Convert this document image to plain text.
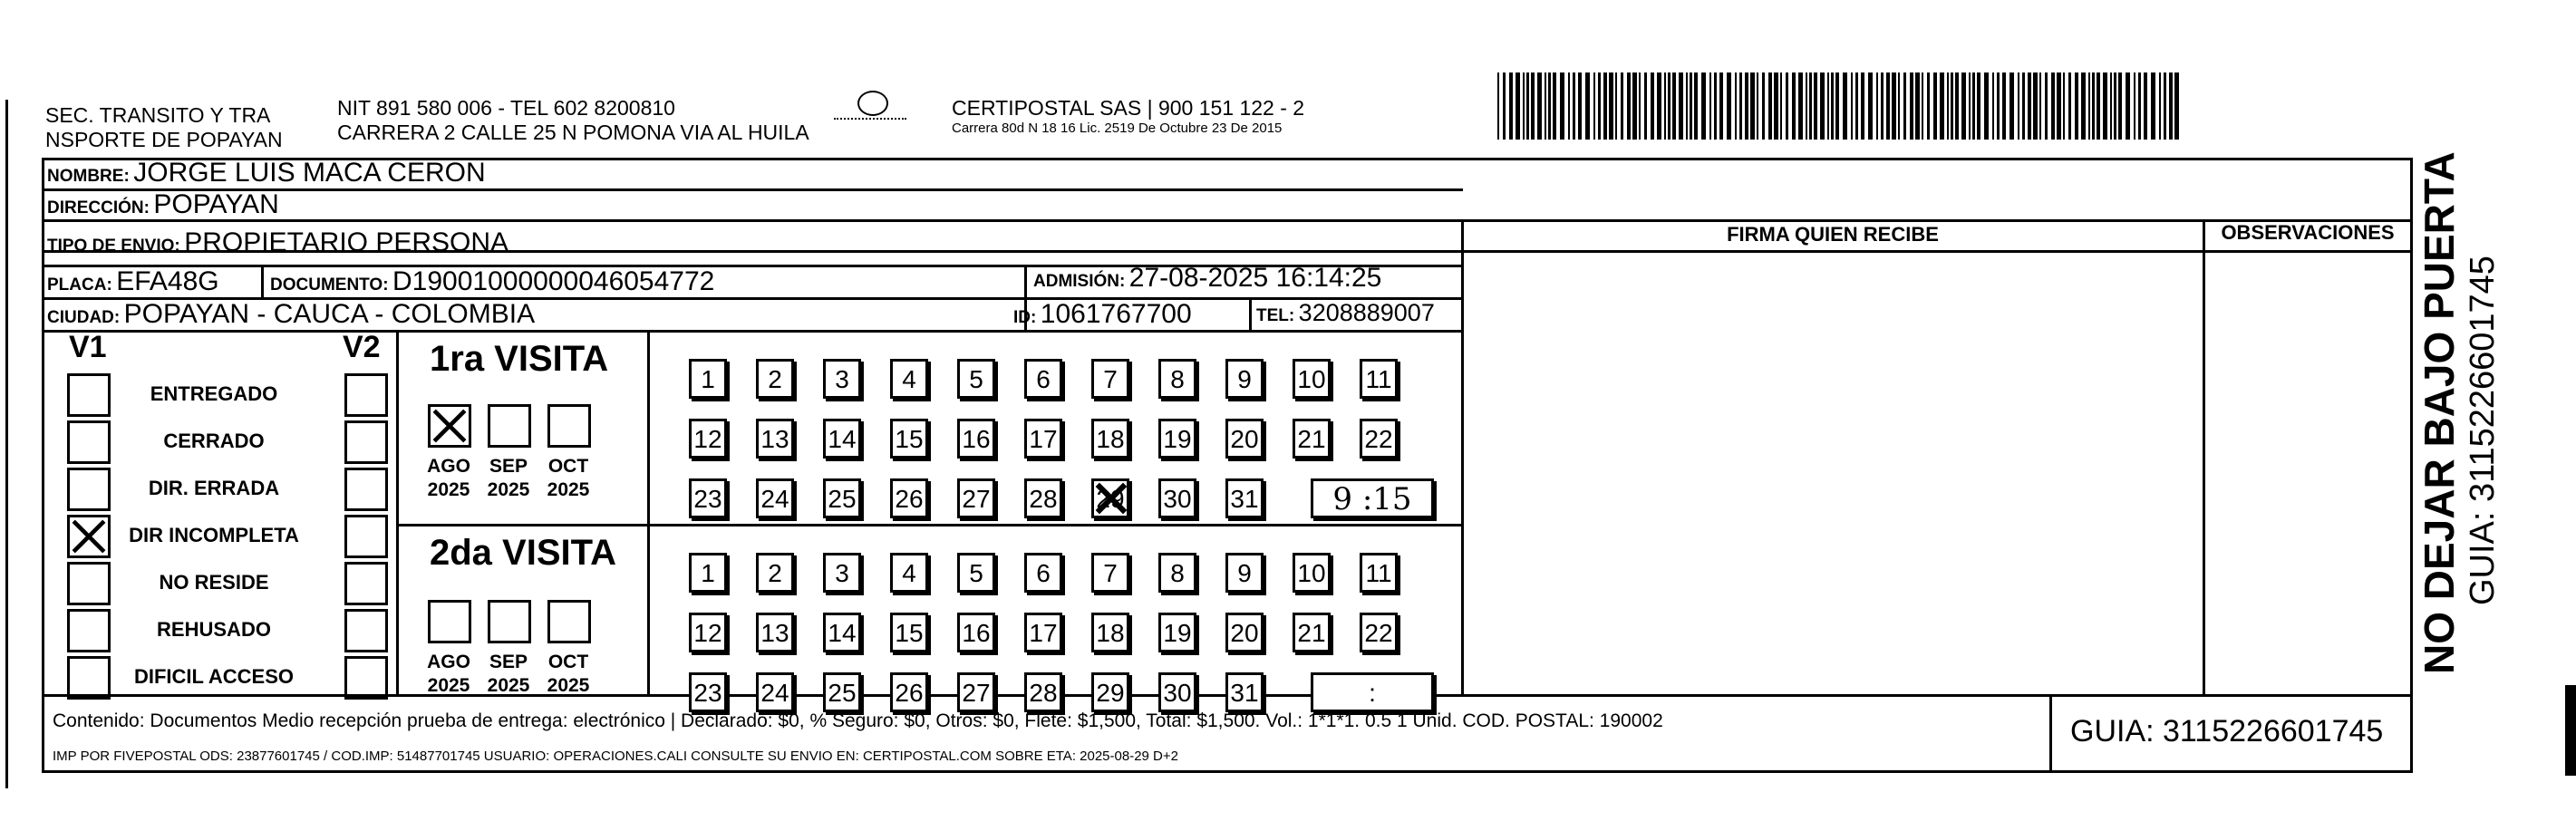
SEC. TRANSITO Y TRA
NSPORTE DE POPAYAN
NIT 891 580 006 - TEL 602 8200810
CARRERA 2 CALLE 25 N POMONA VIA AL HUILA
CERTIPOSTAL SAS | 900 151 122 - 2
Carrera 80d N 18 16 Lic. 2519 De Octubre 23 De 2015
NOMBRE: JORGE LUIS MACA CERON
DIRECCIÓN: POPAYAN
TIPO DE ENVIO: PROPIETARIO PERSONA
PLACA: EFA48G	DOCUMENTO: D19001000000046054772	ADMISIÓN: 27-08-2025 16:14:25
CIUDAD: POPAYAN - CAUCA - COLOMBIA	ID: 1061767700	TEL: 3208889007
FIRMA QUIEN RECIBE	OBSERVACIONES
V1	V2
ENTREGADO
CERRADO
DIR. ERRADA
DIR INCOMPLETA
NO RESIDE
REHUSADO
DIFICIL ACCESO
1ra VISITA
2da VISITA
AGO
2025
SEP
2025
OCT
2025
1	2	3	4	5	6	7	8	9	10 11
12 13 14 15 16 17 18 19 20 21 22
23 24 25 26 27 28 29 30 31	9 :15
AGO
2025
SEP
2025
OCT
2025
1	2	3	4	5	6	7	8	9	10 11
12 13 14 15 16 17 18 19 20 21 22
23 24 25 26 27 28 29 30 31	:
Contenido: Documentos Medio recepción prueba de entrega: electrónico | Declarado: $0, % Seguro: $0, Otros: $0, Flete: $1,500, Total: $1,500. Vol.: 1*1*1. 0.5 1 Unid. COD. POSTAL: 190002
IMP POR FIVEPOSTAL ODS: 23877601745 / COD.IMP: 51487701745 USUARIO: OPERACIONES.CALI CONSULTE SU ENVIO EN: CERTIPOSTAL.COM SOBRE ETA: 2025-08-29 D+2
GUIA: 3115226601745
NO DEJAR BAJO PUERTA GUIA: 3115226601745
